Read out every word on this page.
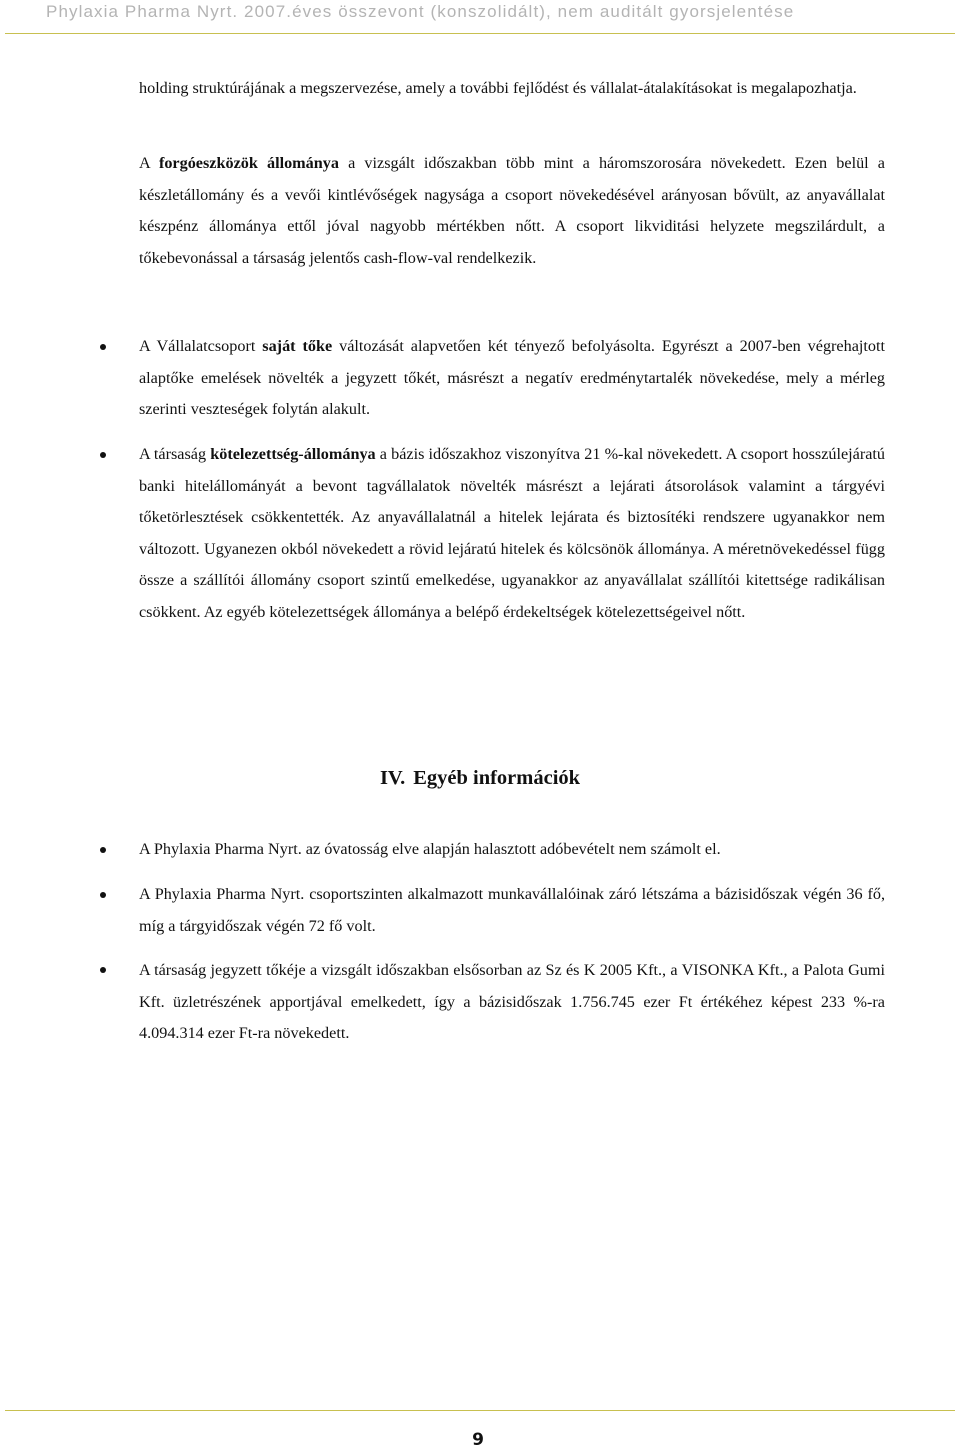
Phylaxia Pharma Nyrt. 2007.éves összevont (konszolidált), nem auditált gyorsjelentése
holding struktúrájának a megszervezése, amely a további fejlődést és vállalat-átalakításokat is megalapozhatja.
A forgóeszközök állománya a vizsgált időszakban több mint a háromszorosára növekedett. Ezen belül a készletállomány és a vevői kintlévőségek nagysága a csoport növekedésével arányosan bővült, az anyavállalat készpénz állománya ettől jóval nagyobb mértékben nőtt. A csoport likviditási helyzete megszilárdult, a tőkebevonással a társaság jelentős cash-flow-val rendelkezik.
A Vállalatcsoport saját tőke változását alapvetően két tényező befolyásolta. Egyrészt a 2007-ben végrehajtott alaptőke emelések növelték a jegyzett tőkét, másrészt a negatív eredménytartalék növekedése, mely a mérleg szerinti veszteségek folytán alakult.
A társaság kötelezettség-állománya a bázis időszakhoz viszonyítva 21 %-kal növekedett. A csoport hosszúlejáratú banki hitelállományát a bevont tagvállalatok növelték másrészt a lejárati átsorolások valamint a tárgyévi tőketörlesztések csökkentették. Az anyavállalatnál a hitelek lejárata és biztosítéki rendszere ugyanakkor nem változott. Ugyanezen okból növekedett a rövid lejáratú hitelek és kölcsönök állománya. A méretnövekedéssel függ össze a szállítói állomány csoport szintű emelkedése, ugyanakkor az anyavállalat szállítói kitettsége radikálisan csökkent. Az egyéb kötelezettségek állománya a belépő érdekeltségek kötelezettségeivel nőtt.
IV. Egyéb információk
A Phylaxia Pharma Nyrt. az óvatosság elve alapján halasztott adóbevételt nem számolt el.
A Phylaxia Pharma Nyrt. csoportszinten alkalmazott munkavállalóinak záró létszáma a bázisidőszak végén 36 fő, míg a tárgyidőszak végén 72 fő volt.
A társaság jegyzett tőkéje a vizsgált időszakban elsősorban az Sz és K 2005 Kft., a VISONKA Kft., a Palota Gumi Kft. üzletrészének apportjával emelkedett, így a bázisidőszak 1.756.745 ezer Ft értékéhez képest 233 %-ra 4.094.314 ezer Ft-ra növekedett.
9
